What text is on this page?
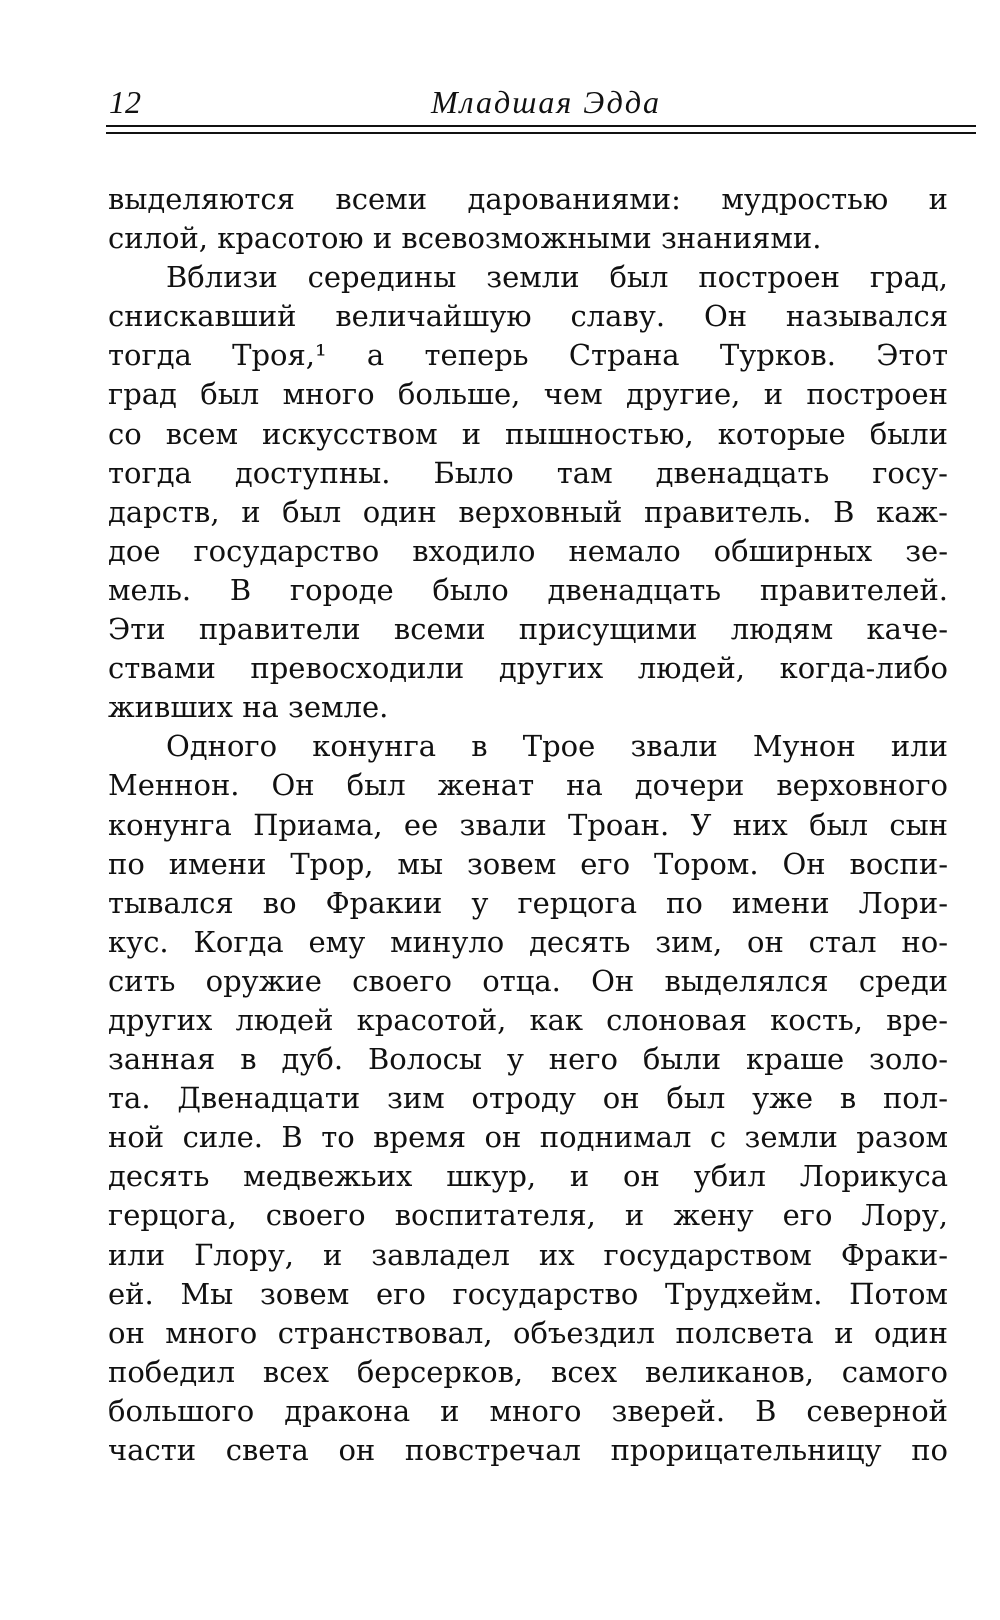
12	Младшая Эдда
выделяются всеми дарованиями: мудростью и
силой, красотою и всевозможными знаниями.
Вблизи середины земли был построен град,
снискавший величайшую славу. Он назывался
тогда Троя,¹ а теперь Страна Турков. Этот
град был много больше, чем другие, и построен
со всем искусством и пышностью, которые были
тогда доступны. Было там двенадцать госу-
дарств, и был один верховный правитель. В каж-
дое государство входило немало обширных зе-
мель. В городе было двенадцать правителей.
Эти правители всеми присущими людям каче-
ствами превосходили других людей, когда-либо
живших на земле.
Одного конунга в Трое звали Мунон или
Меннон. Он был женат на дочери верховного
конунга Приама, ее звали Троан. У них был сын
по имени Трор, мы зовем его Тором. Он воспи-
тывался во Фракии у герцога по имени Лори-
кус. Когда ему минуло десять зим, он стал но-
сить оружие своего отца. Он выделялся среди
других людей красотой, как слоновая кость, вре-
занная в дуб. Волосы у него были краше золо-
та. Двенадцати зим отроду он был уже в пол-
ной силе. В то время он поднимал с земли разом
десять медвежьих шкур, и он убил Лорикуса
герцога, своего воспитателя, и жену его Лору,
или Глору, и завладел их государством Фраки-
ей. Мы зовем его государство Трудхейм. Потом
он много странствовал, объездил полсвета и один
победил всех берсерков, всех великанов, самого
большого дракона и много зверей. В северной
части света он повстречал прорицательницу по
